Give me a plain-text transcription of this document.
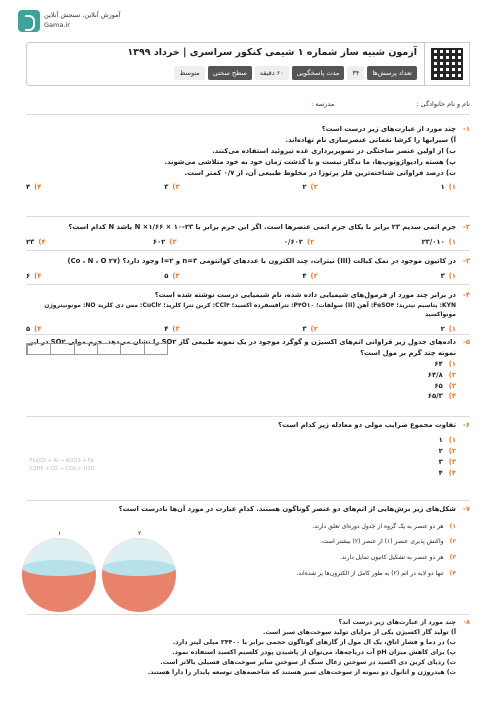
آموزش آنلاین، سنجش آنلاین
Gama.ir
آزمون شبیه ساز شماره ۱ شیمی کنکور سراسری | خرداد ۱۳۹۹
تعداد پرسش‌ها
۳۴
مدت پاسخگویی
۶۰ دقیقه
سطح سختی
متوسط
نام و نام خانوادگی : مدرسه :
۱-
چند مورد از عبارت‌های زیر درست است؟
آ) سیرابها را کزشا نغماتی عنصرسازی نام نهاده‌اند.
ب) از اولین عنصر ساختگی در تصویربرداری غده تیروئید استفاده می‌کنند.
پ) هسته رادیواژوتوپ‌ها، ما ندگار نیست و با گذشت زمان خود به خود متلاشی می‌شوند.
ت) درصد فراوانی شناخته‌ترین فلز پرتوزا در مخلوط طبیعی آن، از ۰/۷ کمتر است.
۱)۱
۲)۲
۳)۳
۴)۴
۲-
جرم اتمی سدیم ۲۳ برابر با یکای جرم اتمی عنصرها است. اگر این جرم برابر با ۲۳-۱۰ × N ×۱/۶۶ باشد N کدام است؟
۱)۲۳/۰۱۰
۲)۰/۶۰۲
۳)۶۰۲
۴)۲۳
۳-
در کاتیون موجود در نمک کبالت (III) نیترات، چند الکترون با عددهای کوانتومی n=۳ و l=۲ وجود دارد؟ (Co ، N ، O ۲۷)
۱)۳
۲)۴
۳)۵
۴)۶
۴-
در برابر چند مورد از فرمول‌های شیمیایی داده شده، نام شیمیایی درست نوشته شده است؟
KYN: پتاسیم نیترید؛ FeSO۴: آهن (II) سولفات؛ P۴O۱۰: تترافسفرده اکسید؛ CCl۴: کربن تترا کلرید؛ CuCl۲: مس دی کلرید NO: مونونیتروژن مونواکسید
۱)۲
۲)۳
۳)۴
۴)۵
۵-
داده‌های جدول زیر فراوانی اتم‌های اکسیژن و گوگرد موجود در یک نمونه طبیعی گاز SO۲ را نشان می‌دهد. جرم مولی SO۲ در این نمونه چند گرم بر مول است؟
۱)۶۴
۲)۶۴/۸
۳)۶۵
۴)۶۵/۳
۶-
تفاوت مجموع ضرایب مولی دو معادله زیر کدام است؟
۱)۱
۲)۲
۳)۳
۴)۴
Fe2O3 + Al → Al2O3 + Fe
C3H8 + O2 → CO2 + H2O
۷-
شکل‌های زیر برش‌هایی از اتم‌های دو عنصر گوناگون هستند. کدام عبارت در مورد آن‌ها نادرست است؟
۱)هر دو عنصر به یک گروه از جدول دوره‌ای تعلق دارند.
۲)واکنش پذیری عنصر (۱) از عنصر (۲) بیشتر است.
۳)هر دو عنصر به تشکیل کاتیون تمایل دارند.
۴)تنها دو لایه در اتم (۲) به طور کامل از الکترون‌ها پر شده‌اند.
۱	۲
۸-
چند مورد از عبارت‌های زیر درست اند؟
آ) تولید گاز اکسیژن یکی از مزایای تولید سوخت‌های سبز است.
ب) در دما و فشار اتاق، یک ال مول از گازهای گوناگون حجمی برابر با ۲۴۴۰۰ میلی لیتر دارد.
پ) برای کاهش میزان pH آب دریاچه‌ها، می‌توان از پاشیدن پودر کلسیم اکسید استفاده نمود.
ت) ردپای کربن دی اکسید در سوختن زغال سنگ از سوختن سایر سوخت‌های فسیلی بالاتر است.
ث) هیدروژن و اتانول دو نمونه از سوخت‌های سبز هستند که شاخصه‌های توسعه پایدار را دارا هستند.
